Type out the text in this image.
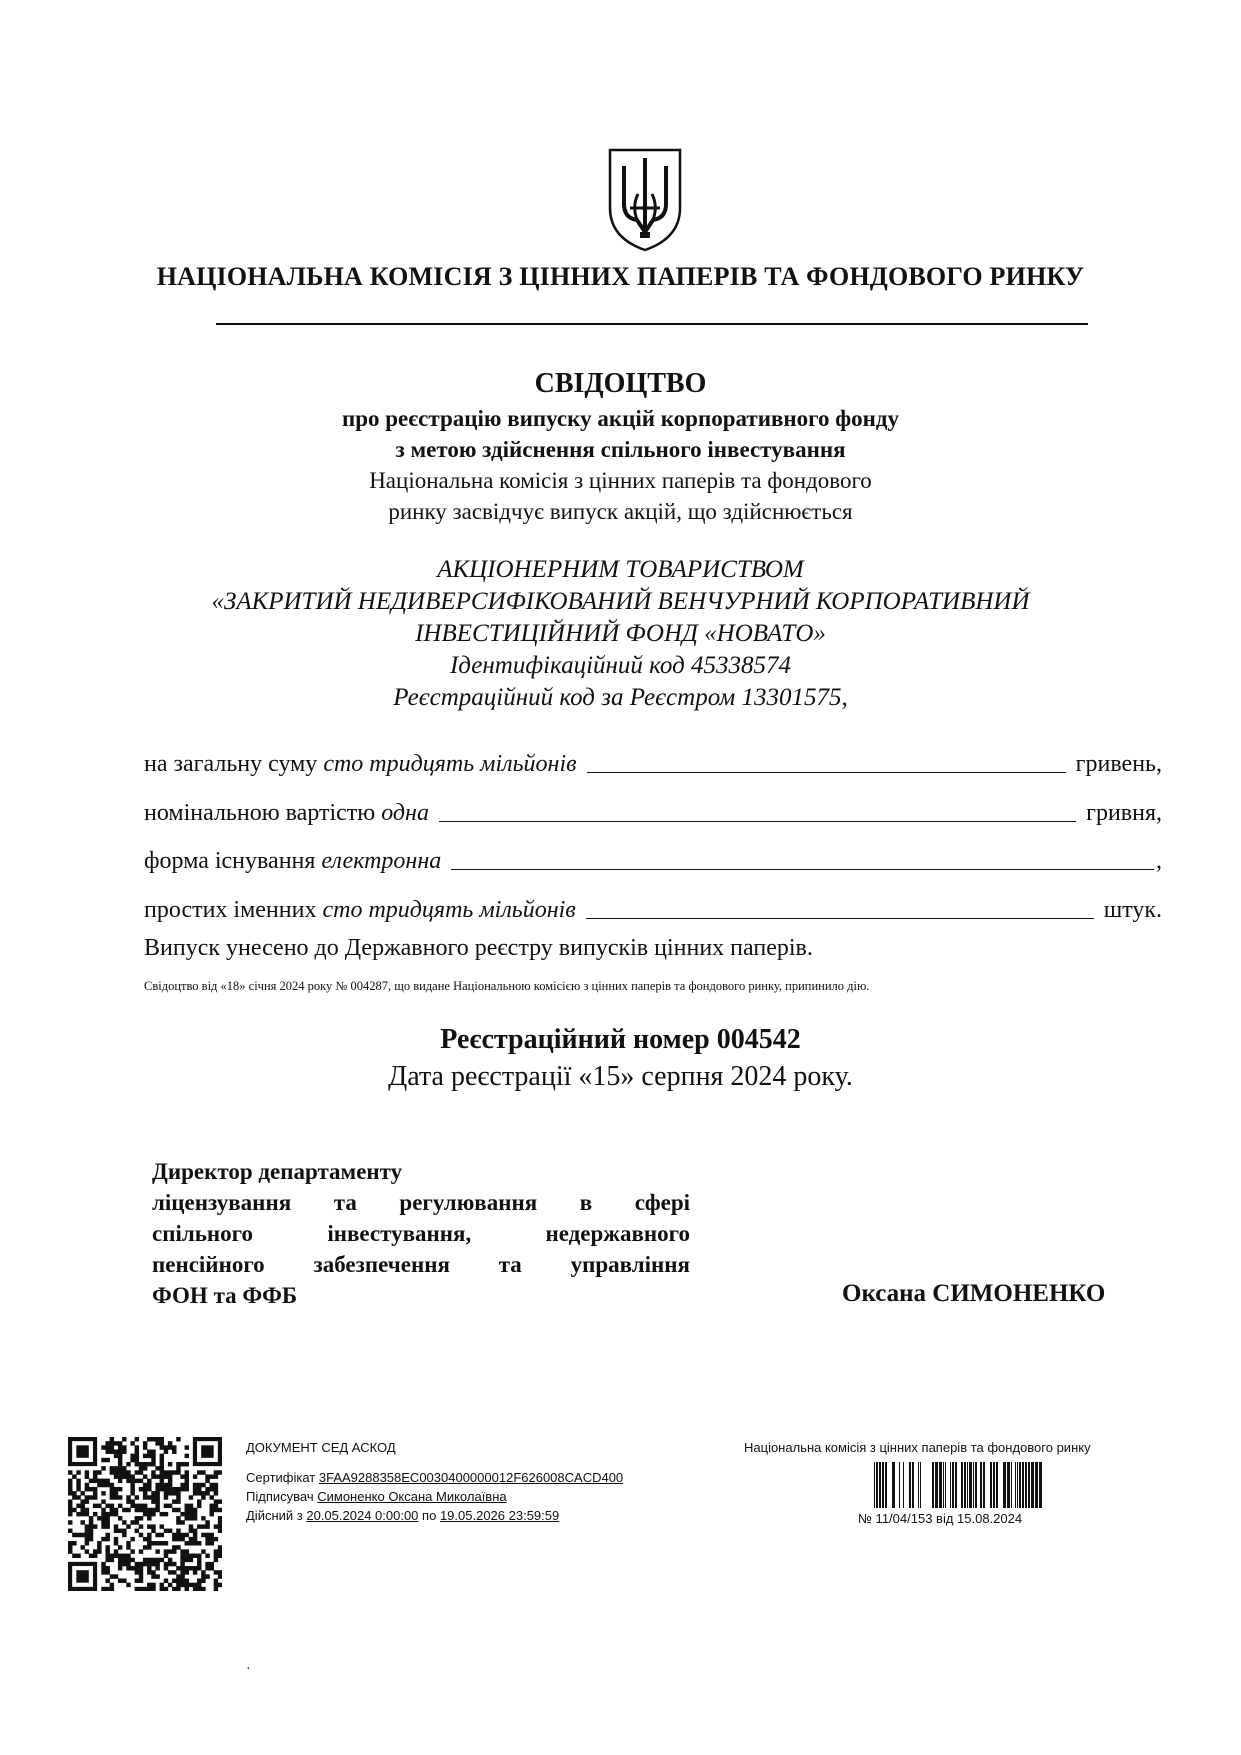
НАЦІОНАЛЬНА КОМІСІЯ З ЦІННИХ ПАПЕРІВ ТА ФОНДОВОГО РИНКУ
СВІДОЦТВО
про реєстрацію випуску акцій корпоративного фонду
з метою здійснення спільного інвестування
Національна комісія з цінних паперів та фондового
ринку засвідчує випуск акцій, що здійснюється
АКЦІОНЕРНИМ ТОВАРИСТВОМ
«ЗАКРИТИЙ НЕДИВЕРСИФІКОВАНИЙ ВЕНЧУРНИЙ КОРПОРАТИВНИЙ
ІНВЕСТИЦІЙНИЙ ФОНД «НОВАТО»
Ідентифікаційний код 45338574
Реєстраційний код за Реєстром 13301575,
на загальну суму
сто тридцять мільйонів	гривень,
номінальною вартістю
одна	гривня,
форма існування
електронна	,
простих іменних
сто тридцять мільйонів	штук.
Випуск унесено до Державного реєстру випусків цінних паперів.
Свідоцтво від «18» січня 2024 року № 004287, що видане Національною комісією з цінних паперів та фондового ринку, припинило дію.
Реєстраційний номер 004542
Дата реєстрації «15» серпня 2024 року.
Директор департаменту
ліцензування та регулювання в сфері
спільного інвестування, недержавного
пенсійного забезпечення та управління
ФОН та ФФБ	Оксана СИМОНЕНКО
ДОКУМЕНТ СЕД АСКОД
Сертифікат 3FAA9288358EC0030400000012F626008CACD400
Підписувач Симоненко Оксана Миколаївна
Дійсний з 20.05.2024 0:00:00 по 19.05.2026 23:59:59
Національна комісія з цінних паперів та фондового ринку
№ 11/04/153 від 15.08.2024
·
